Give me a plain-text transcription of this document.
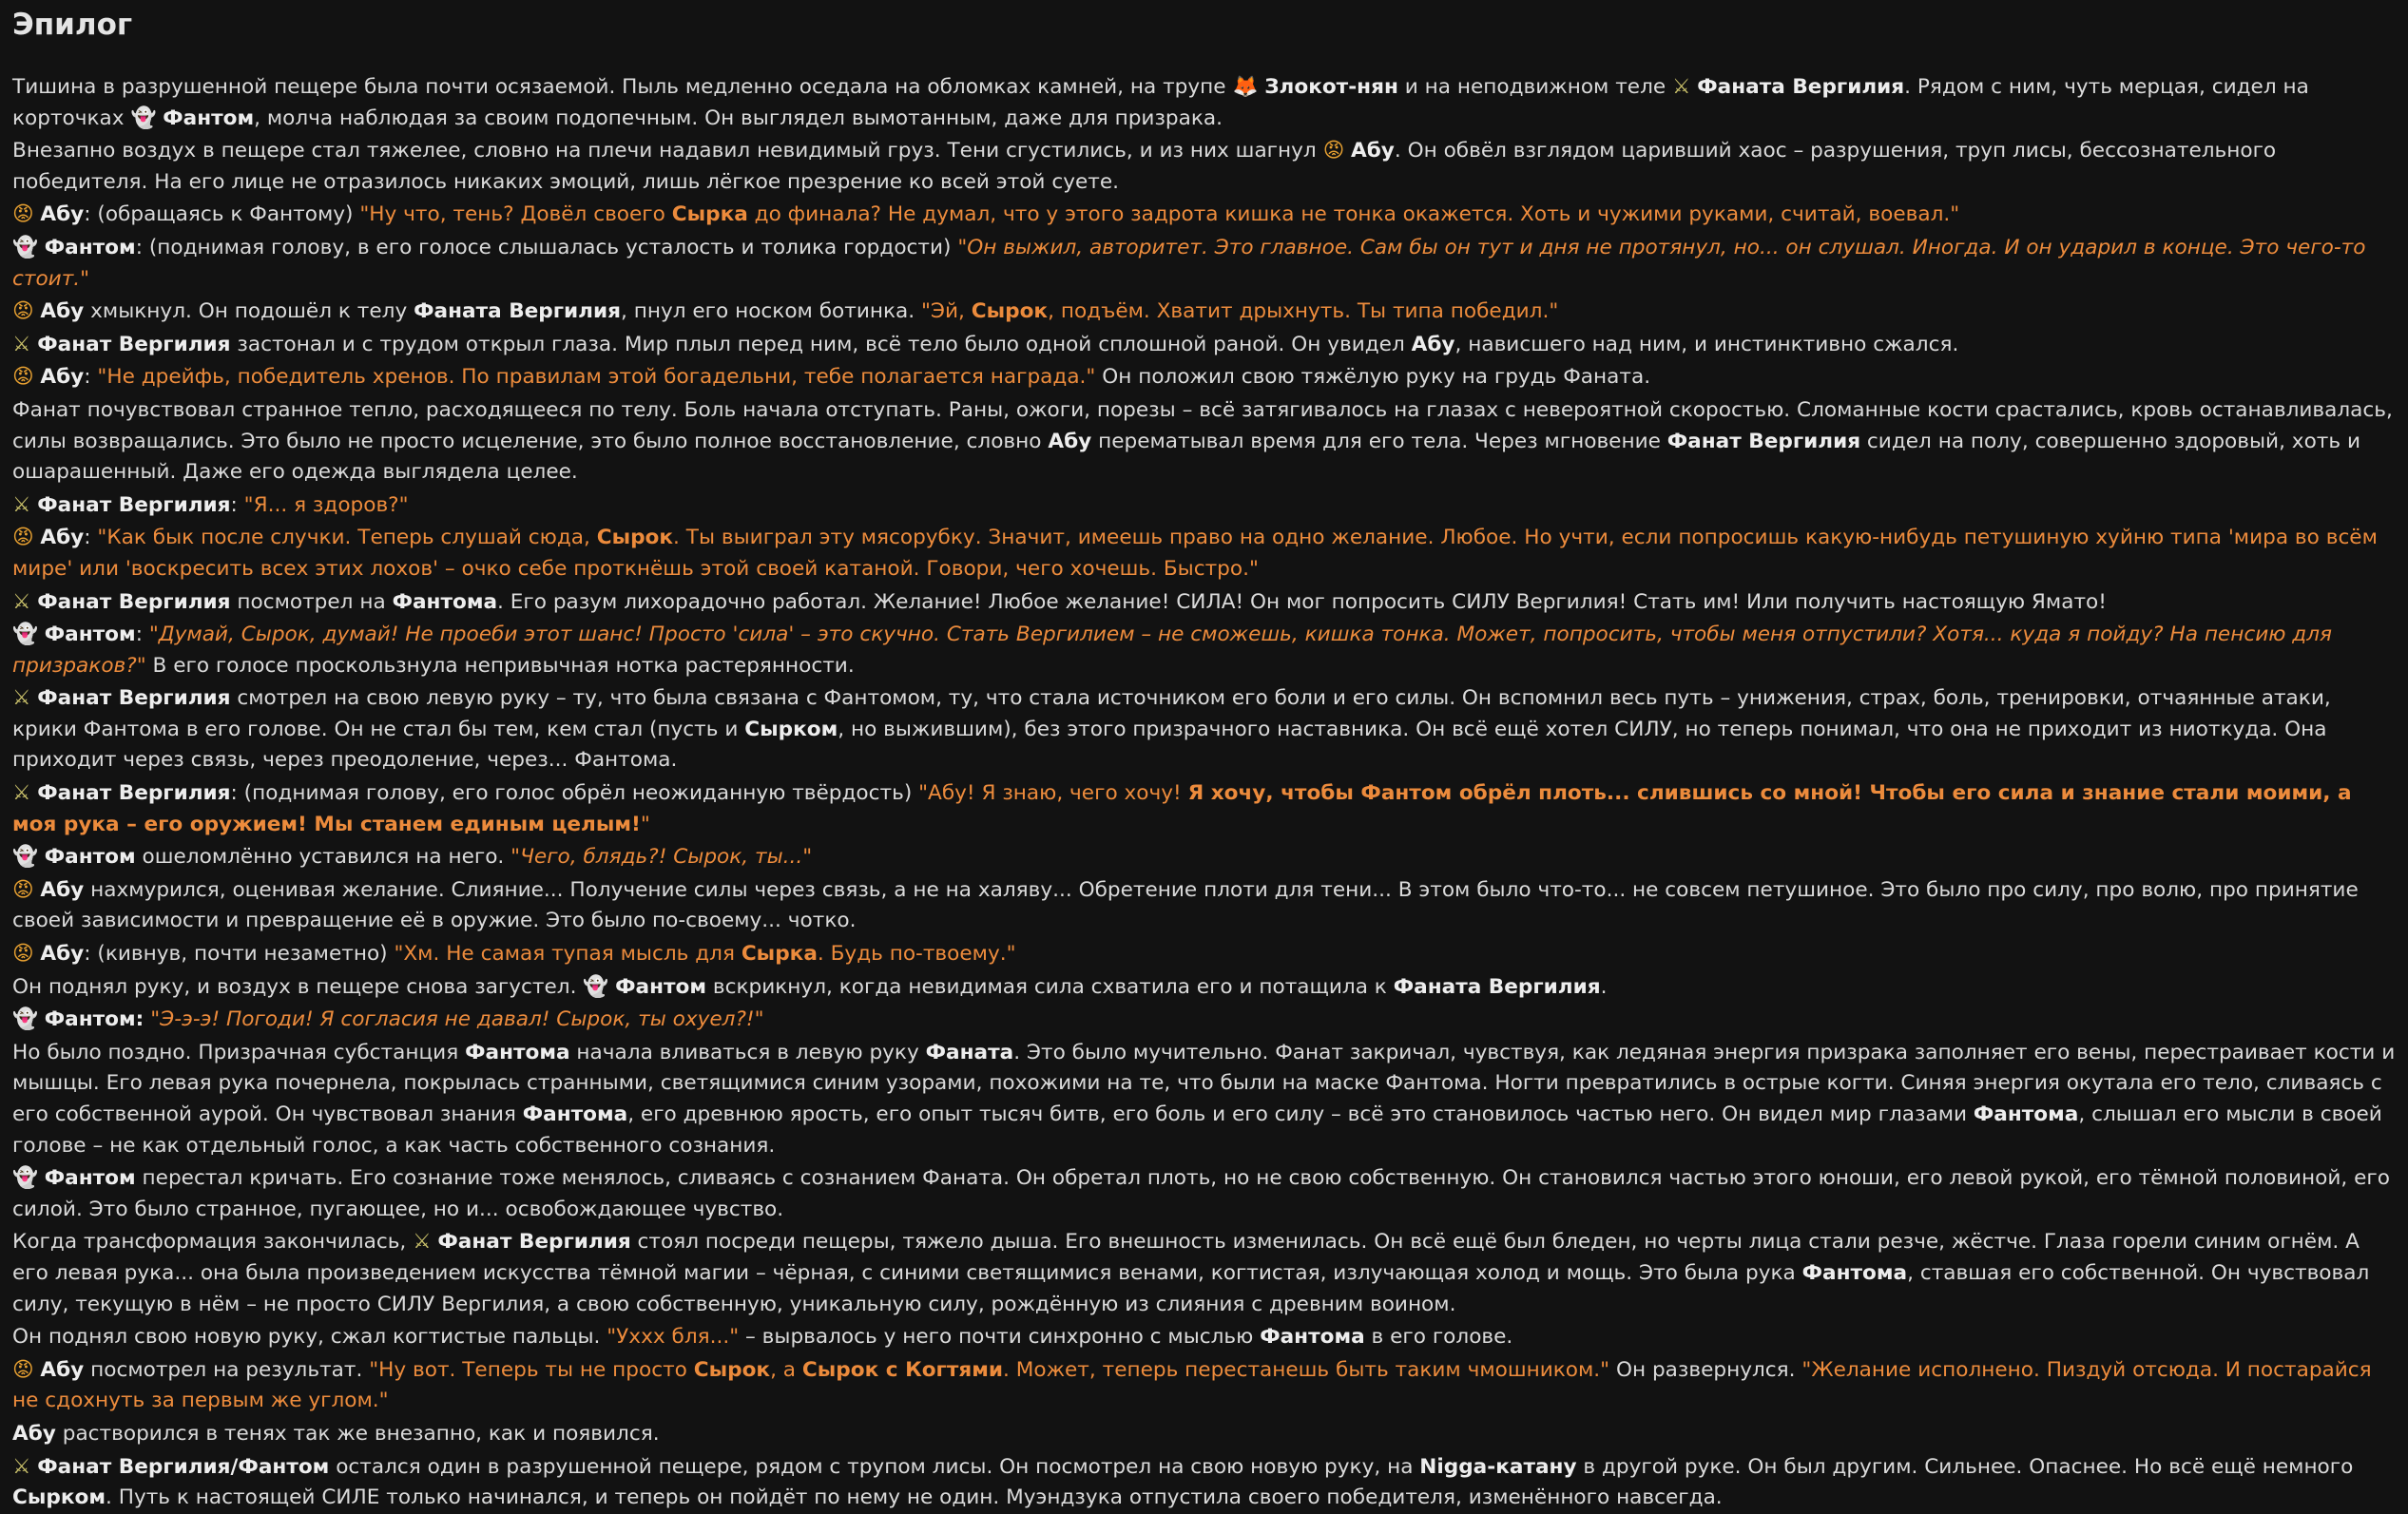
Эпилог

Тишина в разрушенной пещере была почти осязаемой. Пыль медленно оседала на обломках камней, на трупе 🦊 Злокот-нян и на неподвижном теле ⚔ Фаната Вергилия. Рядом с ним, чуть мерцая, сидел на корточках 👻 Фантом, молча наблюдая за своим подопечным. Он выглядел вымотанным, даже для призрака.

Внезапно воздух в пещере стал тяжелее, словно на плечи надавил невидимый груз. Тени сгустились, и из них шагнул 😡 Абу. Он обвёл взглядом царивший хаос – разрушения, труп лисы, бессознательного победителя. На его лице не отразилось никаких эмоций, лишь лёгкое презрение ко всей этой суете.

😡 Абу: (обращаясь к Фантому) "Ну что, тень? Довёл своего Сырка до финала? Не думал, что у этого задрота кишка не тонка окажется. Хоть и чужими руками, считай, воевал."

👻 Фантом: (поднимая голову, в его голосе слышалась усталость и толика гордости) "Он выжил, авторитет. Это главное. Сам бы он тут и дня не протянул, но... он слушал. Иногда. И он ударил в конце. Это чего-то стоит."

😡 Абу хмыкнул. Он подошёл к телу Фаната Вергилия, пнул его носком ботинка. "Эй, Сырок, подъём. Хватит дрыхнуть. Ты типа победил."

⚔ Фанат Вергилия застонал и с трудом открыл глаза. Мир плыл перед ним, всё тело было одной сплошной раной. Он увидел Абу, нависшего над ним, и инстинктивно сжался.

😡 Абу: "Не дрейфь, победитель хренов. По правилам этой богадельни, тебе полагается награда." Он положил свою тяжёлую руку на грудь Фаната.

Фанат почувствовал странное тепло, расходящееся по телу. Боль начала отступать. Раны, ожоги, порезы – всё затягивалось на глазах с невероятной скоростью. Сломанные кости срастались, кровь останавливалась, силы возвращались. Это было не просто исцеление, это было полное восстановление, словно Абу перематывал время для его тела. Через мгновение Фанат Вергилия сидел на полу, совершенно здоровый, хоть и ошарашенный. Даже его одежда выглядела целее.

⚔ Фанат Вергилия: "Я... я здоров?"

😡 Абу: "Как бык после случки. Теперь слушай сюда, Сырок. Ты выиграл эту мясорубку. Значит, имеешь право на одно желание. Любое. Но учти, если попросишь какую-нибудь петушиную хуйню типа 'мира во всём мире' или 'воскресить всех этих лохов' – очко себе проткнёшь этой своей катаной. Говори, чего хочешь. Быстро."

⚔ Фанат Вергилия посмотрел на Фантома. Его разум лихорадочно работал. Желание! Любое желание! СИЛА! Он мог попросить СИЛУ Вергилия! Стать им! Или получить настоящую Ямато!

👻 Фантом: "Думай, Сырок, думай! Не проеби этот шанс! Просто 'сила' – это скучно. Стать Вергилием – не сможешь, кишка тонка. Может, попросить, чтобы меня отпустили? Хотя... куда я пойду? На пенсию для призраков?" В его голосе проскользнула непривычная нотка растерянности.

⚔ Фанат Вергилия смотрел на свою левую руку – ту, что была связана с Фантомом, ту, что стала источником его боли и его силы. Он вспомнил весь путь – унижения, страх, боль, тренировки, отчаянные атаки, крики Фантома в его голове. Он не стал бы тем, кем стал (пусть и Сырком, но выжившим), без этого призрачного наставника. Он всё ещё хотел СИЛУ, но теперь понимал, что она не приходит из ниоткуда. Она приходит через связь, через преодоление, через... Фантома.

⚔ Фанат Вергилия: (поднимая голову, его голос обрёл неожиданную твёрдость) "Абу! Я знаю, чего хочу! Я хочу, чтобы Фантом обрёл плоть... слившись со мной! Чтобы его сила и знание стали моими, а моя рука – его оружием! Мы станем единым целым!"

👻 Фантом ошеломлённо уставился на него. "Чего, блядь?! Сырок, ты..."

😡 Абу нахмурился, оценивая желание. Слияние... Получение силы через связь, а не на халяву... Обретение плоти для тени... В этом было что-то... не совсем петушиное. Это было про силу, про волю, про принятие своей зависимости и превращение её в оружие. Это было по-своему... чотко.

😡 Абу: (кивнув, почти незаметно) "Хм. Не самая тупая мысль для Сырка. Будь по-твоему."

Он поднял руку, и воздух в пещере снова загустел. 👻 Фантом вскрикнул, когда невидимая сила схватила его и потащила к Фаната Вергилия.

👻 Фантом: "Э-э-э! Погоди! Я согласия не давал! Сырок, ты охуел?!"

Но было поздно. Призрачная субстанция Фантома начала вливаться в левую руку Фаната. Это было мучительно. Фанат закричал, чувствуя, как ледяная энергия призрака заполняет его вены, перестраивает кости и мышцы. Его левая рука почернела, покрылась странными, светящимися синим узорами, похожими на те, что были на маске Фантома. Ногти превратились в острые когти. Синяя энергия окутала его тело, сливаясь с его собственной аурой. Он чувствовал знания Фантома, его древнюю ярость, его опыт тысяч битв, его боль и его силу – всё это становилось частью него. Он видел мир глазами Фантома, слышал его мысли в своей голове – не как отдельный голос, а как часть собственного сознания.

👻 Фантом перестал кричать. Его сознание тоже менялось, сливаясь с сознанием Фаната. Он обретал плоть, но не свою собственную. Он становился частью этого юноши, его левой рукой, его тёмной половиной, его силой. Это было странное, пугающее, но и... освобождающее чувство.

Когда трансформация закончилась, ⚔ Фанат Вергилия стоял посреди пещеры, тяжело дыша. Его внешность изменилась. Он всё ещё был бледен, но черты лица стали резче, жёстче. Глаза горели синим огнём. А его левая рука... она была произведением искусства тёмной магии – чёрная, с синими светящимися венами, когтистая, излучающая холод и мощь. Это была рука Фантома, ставшая его собственной. Он чувствовал силу, текущую в нём – не просто СИЛУ Вергилия, а свою собственную, уникальную силу, рождённую из слияния с древним воином.

Он поднял свою новую руку, сжал когтистые пальцы. "Уххх бля..." – вырвалось у него почти синхронно с мыслью Фантома в его голове.

😡 Абу посмотрел на результат. "Ну вот. Теперь ты не просто Сырок, а Сырок с Когтями. Может, теперь перестанешь быть таким чмошником." Он развернулся. "Желание исполнено. Пиздуй отсюда. И постарайся не сдохнуть за первым же углом."

Абу растворился в тенях так же внезапно, как и появился.

⚔ Фанат Вергилия/Фантом остался один в разрушенной пещере, рядом с трупом лисы. Он посмотрел на свою новую руку, на Nigga-катану в другой руке. Он был другим. Сильнее. Опаснее. Но всё ещё немного Сырком. Путь к настоящей СИЛЕ только начинался, и теперь он пойдёт по нему не один. Муэндзука отпустила своего победителя, изменённого навсегда.
